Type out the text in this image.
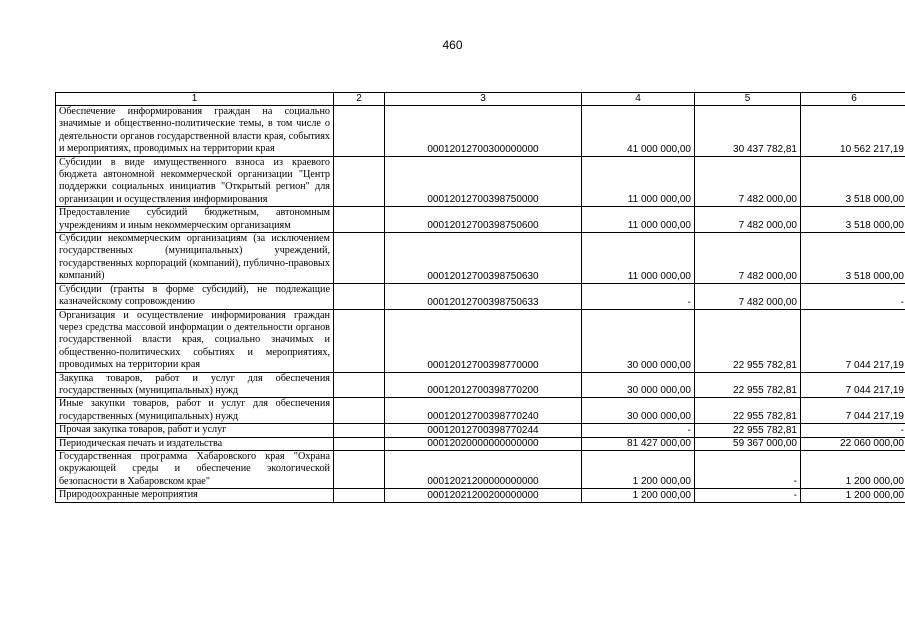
460
1	2	3	4	5	6
Обеспечение информирования граждан на социально значимые и общественно-политические темы, в том числе о деятельности органов государственной власти края, событиях и мероприятиях, проводимых на территории края		00012012700300000000	41 000 000,00	30 437 782,81	10 562 217,19
Субсидии в виде имущественного взноса из краевого бюджета автономной некоммерческой организации "Центр поддержки социальных инициатив "Открытый регион" для организации и осуществления информирования		00012012700398750000	11 000 000,00	7 482 000,00	3 518 000,00
Предоставление субсидий бюджетным, автономным учреждениям и иным некоммерческим организациям		00012012700398750600	11 000 000,00	7 482 000,00	3 518 000,00
Субсидии некоммерческим организациям (за исключением государственных (муниципальных) учреждений, государственных корпораций (компаний), публично-правовых компаний)		00012012700398750630	11 000 000,00	7 482 000,00	3 518 000,00
Субсидии (гранты в форме субсидий), не подлежащие казначейскому сопровождению		00012012700398750633	-	7 482 000,00	-
Организация и осуществление информирования граждан через средства массовой информации о деятельности органов государственной власти края, социально значимых и общественно-политических событиях и мероприятиях, проводимых на территории края		00012012700398770000	30 000 000,00	22 955 782,81	7 044 217,19
Закупка товаров, работ и услуг для обеспечения государственных (муниципальных) нужд		00012012700398770200	30 000 000,00	22 955 782,81	7 044 217,19
Иные закупки товаров, работ и услуг для обеспечения государственных (муниципальных) нужд		00012012700398770240	30 000 000,00	22 955 782,81	7 044 217,19
Прочая закупка товаров, работ и услуг		00012012700398770244	-	22 955 782,81	-
Периодическая печать и издательства		00012020000000000000	81 427 000,00	59 367 000,00	22 060 000,00
Государственная программа Хабаровского края "Охрана окружающей среды и обеспечение экологической безопасности в Хабаровском крае"		00012021200000000000	1 200 000,00	-	1 200 000,00
Природоохранные мероприятия		00012021200200000000	1 200 000,00	-	1 200 000,00
